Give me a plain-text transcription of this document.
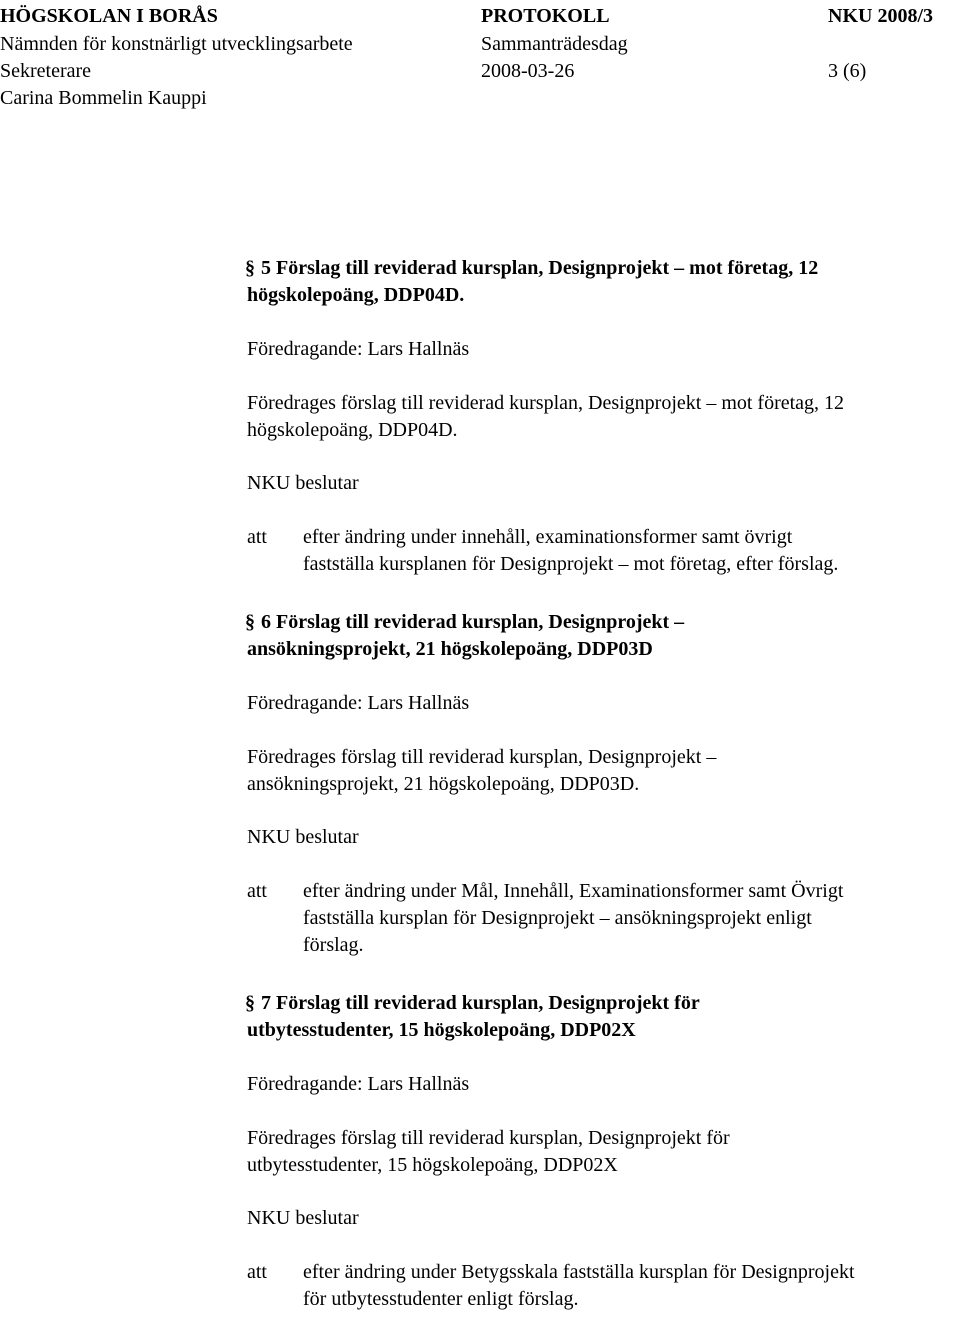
HÖGSKOLAN I BORÅS	PROTOKOLL	NKU 2008/3
Nämnden för konstnärligt utvecklingsarbete	Sammanträdesdag
Sekreterare	2008-03-26	3 (6)
Carina Bommelin Kauppi

§ 5 Förslag till reviderad kursplan, Designprojekt – mot företag, 12
högskolepoäng, DDP04D.

Föredragande: Lars Hallnäs

Föredrages förslag till reviderad kursplan, Designprojekt – mot företag, 12
högskolepoäng, DDP04D.

NKU beslutar

att	efter ändring under innehåll, examinationsformer samt övrigt
fastställa kursplanen för Designprojekt – mot företag, efter förslag.

§ 6 Förslag till reviderad kursplan, Designprojekt –
ansökningsprojekt, 21 högskolepoäng, DDP03D

Föredragande: Lars Hallnäs

Föredrages förslag till reviderad kursplan, Designprojekt –
ansökningsprojekt, 21 högskolepoäng, DDP03D.

NKU beslutar

att	efter ändring under Mål, Innehåll, Examinationsformer samt Övrigt
fastställa kursplan för Designprojekt – ansökningsprojekt enligt
förslag.

§ 7 Förslag till reviderad kursplan, Designprojekt för
utbytesstudenter, 15 högskolepoäng, DDP02X

Föredragande: Lars Hallnäs

Föredrages förslag till reviderad kursplan, Designprojekt för
utbytesstudenter, 15 högskolepoäng, DDP02X

NKU beslutar

att	efter ändring under Betygsskala fastställa kursplan för Designprojekt
för utbytesstudenter enligt förslag.
